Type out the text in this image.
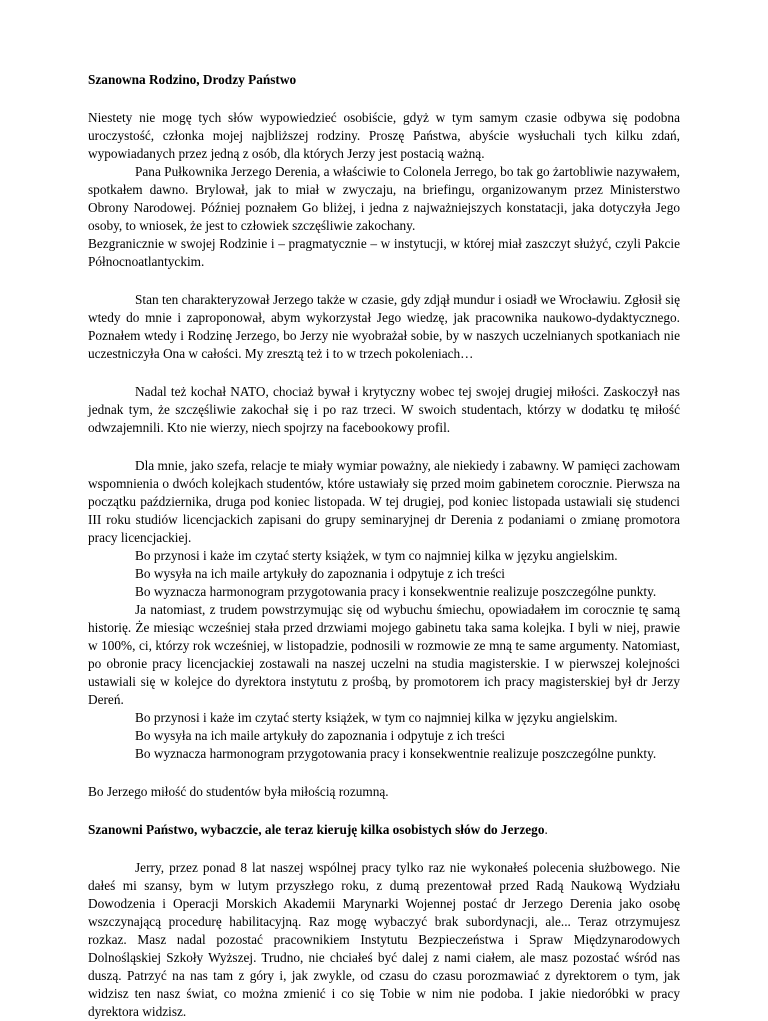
Szanowna Rodzino, Drodzy Państwo

Niestety nie mogę tych słów wypowiedzieć osobiście, gdyż w tym samym czasie odbywa się podobna uroczystość, członka mojej najbliższej rodziny. Proszę Państwa, abyście wysłuchali tych kilku zdań, wypowiadanych przez jedną z osób, dla których Jerzy jest postacią ważną.

Pana Pułkownika Jerzego Derenia, a właściwie to Colonela Jerrego, bo tak go żartobliwie nazywałem, spotkałem dawno. Brylował, jak to miał w zwyczaju, na briefingu, organizowanym przez Ministerstwo Obrony Narodowej. Później poznałem Go bliżej, i jedna z najważniejszych konstatacji, jaka dotyczyła Jego osoby, to wniosek, że jest to człowiek szczęśliwie zakochany.

Bezgranicznie w swojej Rodzinie i – pragmatycznie – w instytucji, w której miał zaszczyt służyć, czyli Pakcie Północnoatlantyckim.

Stan ten charakteryzował Jerzego także w czasie, gdy zdjął mundur i osiadł we Wrocławiu. Zgłosił się wtedy do mnie i zaproponował, abym wykorzystał Jego wiedzę, jak pracownika naukowo-dydaktycznego. Poznałem wtedy i Rodzinę Jerzego, bo Jerzy nie wyobrażał sobie, by w naszych uczelnianych spotkaniach nie uczestniczyła Ona w całości. My zresztą też i to w trzech pokoleniach…

Nadal też kochał NATO, chociaż bywał i krytyczny wobec tej swojej drugiej miłości. Zaskoczył nas jednak tym, że szczęśliwie zakochał się i po raz trzeci. W swoich studentach, którzy w dodatku tę miłość odwzajemnili. Kto nie wierzy, niech spojrzy na facebookowy profil.

Dla mnie, jako szefa, relacje te miały wymiar poważny, ale niekiedy i zabawny. W pamięci zachowam wspomnienia o dwóch kolejkach studentów, które ustawiały się przed moim gabinetem corocznie. Pierwsza na początku października, druga pod koniec listopada. W tej drugiej, pod koniec listopada ustawiali się studenci III roku studiów licencjackich zapisani do grupy seminaryjnej dr Derenia z podaniami o zmianę promotora pracy licencjackiej.

Bo przynosi i każe im czytać sterty książek, w tym co najmniej kilka w języku angielskim.

Bo wysyła na ich maile artykuły do zapoznania i odpytuje z ich treści

Bo wyznacza harmonogram przygotowania pracy i konsekwentnie realizuje poszczególne punkty.

Ja natomiast, z trudem powstrzymując się od wybuchu śmiechu, opowiadałem im corocznie tę samą historię. Że miesiąc wcześniej stała przed drzwiami mojego gabinetu taka sama kolejka. I byli w niej, prawie w 100%, ci, którzy rok wcześniej, w listopadzie, podnosili w rozmowie ze mną te same argumenty. Natomiast, po obronie pracy licencjackiej zostawali na naszej uczelni na studia magisterskie. I w pierwszej kolejności ustawiali się w kolejce do dyrektora instytutu z prośbą, by promotorem ich pracy magisterskiej był dr Jerzy Dereń.

Bo przynosi i każe im czytać sterty książek, w tym co najmniej kilka w języku angielskim.

Bo wysyła na ich maile artykuły do zapoznania i odpytuje z ich treści

Bo wyznacza harmonogram przygotowania pracy i konsekwentnie realizuje poszczególne punkty.

Bo Jerzego miłość do studentów była miłością rozumną.

Szanowni Państwo, wybaczcie, ale teraz kieruję kilka osobistych słów do Jerzego.

Jerry, przez ponad 8 lat naszej wspólnej pracy tylko raz nie wykonałeś polecenia służbowego. Nie dałeś mi szansy, bym w lutym przyszłego roku, z dumą prezentował przed Radą Naukową Wydziału Dowodzenia i Operacji Morskich Akademii Marynarki Wojennej postać dr Jerzego Derenia jako osobę wszczynającą procedurę habilitacyjną. Raz mogę wybaczyć brak subordynacji, ale... Teraz otrzymujesz rozkaz. Masz nadal pozostać pracownikiem Instytutu Bezpieczeństwa i Spraw Międzynarodowych Dolnośląskiej Szkoły Wyższej. Trudno, nie chciałeś być dalej z nami ciałem, ale masz pozostać wśród nas duszą. Patrzyć na nas tam z góry i, jak zwykle, od czasu do czasu porozmawiać z dyrektorem o tym, jak widzisz ten nasz świat, co można zmienić i co się Tobie w nim nie podoba. I jakie niedoróbki w pracy dyrektora widzisz.
